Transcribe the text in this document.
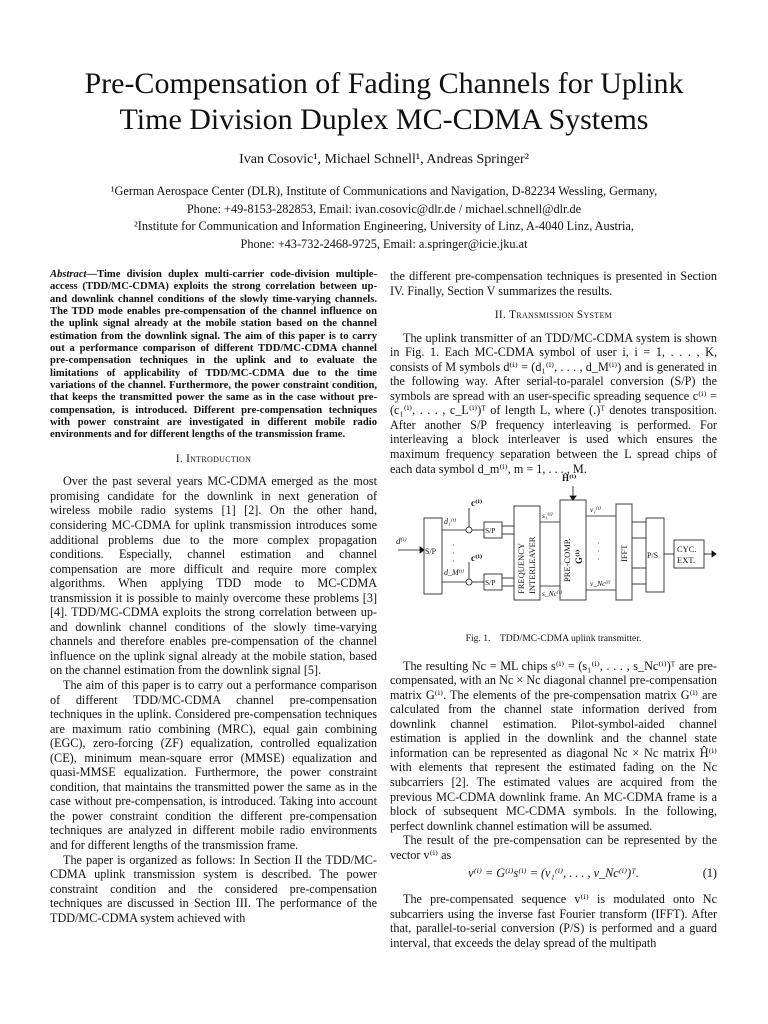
Pre-Compensation of Fading Channels for Uplink
Time Division Duplex MC-CDMA Systems
Ivan Cosovic¹, Michael Schnell¹, Andreas Springer²
¹German Aerospace Center (DLR), Institute of Communications and Navigation, D-82234 Wessling, Germany,
Phone: +49-8153-282853, Email: ivan.cosovic@dlr.de / michael.schnell@dlr.de
²Institute for Communication and Information Engineering, University of Linz, A-4040 Linz, Austria,
Phone: +43-732-2468-9725, Email: a.springer@icie.jku.at

Abstract—Time division duplex multi-carrier code-division multiple-access (TDD/MC-CDMA) exploits the strong correlation between up- and downlink channel conditions of the slowly time-varying channels. The TDD mode enables pre-compensation of the channel influence on the uplink signal already at the mobile station based on the channel estimation from the downlink signal. The aim of this paper is to carry out a performance comparison of different TDD/MC-CDMA channel pre-compensation techniques in the uplink and to evaluate the limitations of applicability of TDD/MC-CDMA due to the time variations of the channel. Furthermore, the power constraint condition, that keeps the transmitted power the same as in the case without pre-compensation, is introduced. Different pre-compensation techniques with power constraint are investigated in different mobile radio environments and for different lengths of the transmission frame.

I. Introduction

Over the past several years MC-CDMA emerged as the most promising candidate for the downlink in next generation of wireless mobile radio systems [1] [2]. On the other hand, considering MC-CDMA for uplink transmission introduces some additional problems due to the more complex propagation conditions. Especially, channel estimation and channel compensation are more difficult and require more complex algorithms. When applying TDD mode to MC-CDMA transmission it is possible to mainly overcome these problems [3] [4]. TDD/MC-CDMA exploits the strong correlation between up- and downlink channel conditions of the slowly time-varying channels and therefore enables pre-compensation of the channel influence on the uplink signal already at the mobile station, based on the channel estimation from the downlink signal [5].

The aim of this paper is to carry out a performance comparison of different TDD/MC-CDMA channel pre-compensation techniques in the uplink. Considered pre-compensation techniques are maximum ratio combining (MRC), equal gain combining (EGC), zero-forcing (ZF) equalization, controlled equalization (CE), minimum mean-square error (MMSE) equalization and quasi-MMSE equalization. Furthermore, the power constraint condition, that maintains the transmitted power the same as in the case without pre-compensation, is introduced. Taking into account the power constraint condition the different pre-compensation techniques are analyzed in different mobile radio environments and for different lengths of the transmission frame.

The paper is organized as follows: In Section II the TDD/MC-CDMA uplink transmission system is described. The power constraint condition and the considered pre-compensation techniques are discussed in Section III. The performance of the TDD/MC-CDMA system achieved with

the different pre-compensation techniques is presented in Section IV. Finally, Section V summarizes the results.

II. Transmission System

The uplink transmitter of an TDD/MC-CDMA system is shown in Fig. 1. Each MC-CDMA symbol of user i, i = 1, . . . , K, consists of M symbols d⁽ⁱ⁾ = (d₁⁽ⁱ⁾, . . . , d_M⁽ⁱ⁾) and is generated in the following way. After serial-to-paralel conversion (S/P) the symbols are spread with an user-specific spreading sequence c⁽ⁱ⁾ = (c₁⁽ⁱ⁾, . . . , c_L⁽ⁱ⁾)ᵀ of length L, where (.)ᵀ denotes transposition. After another S/P frequency interleaving is performed. For interleaving a block interleaver is used which ensures the maximum frequency separation between the L spread chips of each data symbol d_m⁽ⁱ⁾, m = 1, . . . , M.

d⁽ⁱ⁾
S/P
d₁⁽ⁱ⁾
d_M⁽ⁱ⁾
·
·
·
c⁽ⁱ⁾
c⁽ⁱ⁾
S/P
S/P FREQUENCY INTERLEAVER
s₁⁽ⁱ⁾
s_Nc⁽ⁱ⁾
PRE-COMP. G⁽ⁱ⁾
Ĥ⁽ⁱ⁾
v₁⁽ⁱ⁾
v_Nc⁽ⁱ⁾
·
·
· IFFT P/S
CYC.
EXT.
Fig. 1. TDD/MC-CDMA uplink transmitter.

The resulting Nc = ML chips s⁽ⁱ⁾ = (s₁⁽ⁱ⁾, . . . , s_Nc⁽ⁱ⁾)ᵀ are pre-compensated, with an Nc × Nc diagonal channel pre-compensation matrix G⁽ⁱ⁾. The elements of the pre-compensation matrix G⁽ⁱ⁾ are calculated from the channel state information derived from downlink channel estimation. Pilot-symbol-aided channel estimation is applied in the downlink and the channel state information can be represented as diagonal Nc × Nc matrix Ĥ⁽ⁱ⁾ with elements that represent the estimated fading on the Nc subcarriers [2]. The estimated values are acquired from the previous MC-CDMA downlink frame. An MC-CDMA frame is a block of subsequent MC-CDMA symbols. In the following, perfect downlink channel estimation will be assumed.

The result of the pre-compensation can be represented by the vector v⁽ⁱ⁾ as

v⁽ⁱ⁾ = G⁽ⁱ⁾s⁽ⁱ⁾ = (v₁⁽ⁱ⁾, . . . , v_Nc⁽ⁱ⁾)ᵀ.	(1)

The pre-compensated sequence v⁽ⁱ⁾ is modulated onto Nc subcarriers using the inverse fast Fourier transform (IFFT). After that, parallel-to-serial conversion (P/S) is performed and a guard interval, that exceeds the delay spread of the multipath
